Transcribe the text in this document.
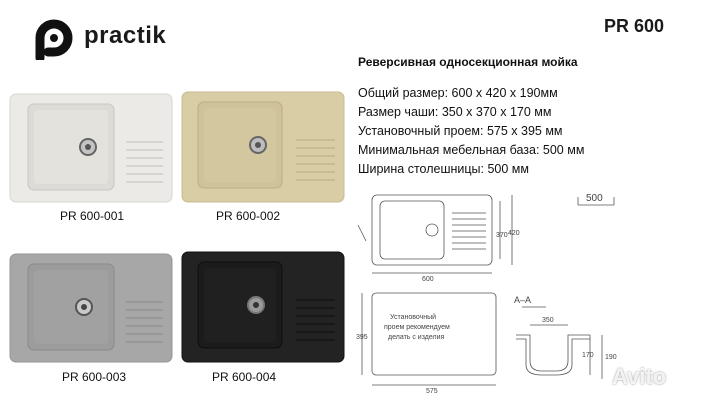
practik	PR 600
Реверсивная односекционная мойка
Общий размер: 600 х 420 х 190мм
Размер чаши: 350 х 370 х 170 мм
Установочный проем: 575 х 395 мм
Минимальная мебельная база: 500 мм
Ширина столешницы: 500 мм
PR 600-001	PR 600-002
PR 600-003	PR 600-004
600
370 420
500
Установочный
проем рекомендуем
делать с изделия
395
575
A–A
350
170 190
Avito
